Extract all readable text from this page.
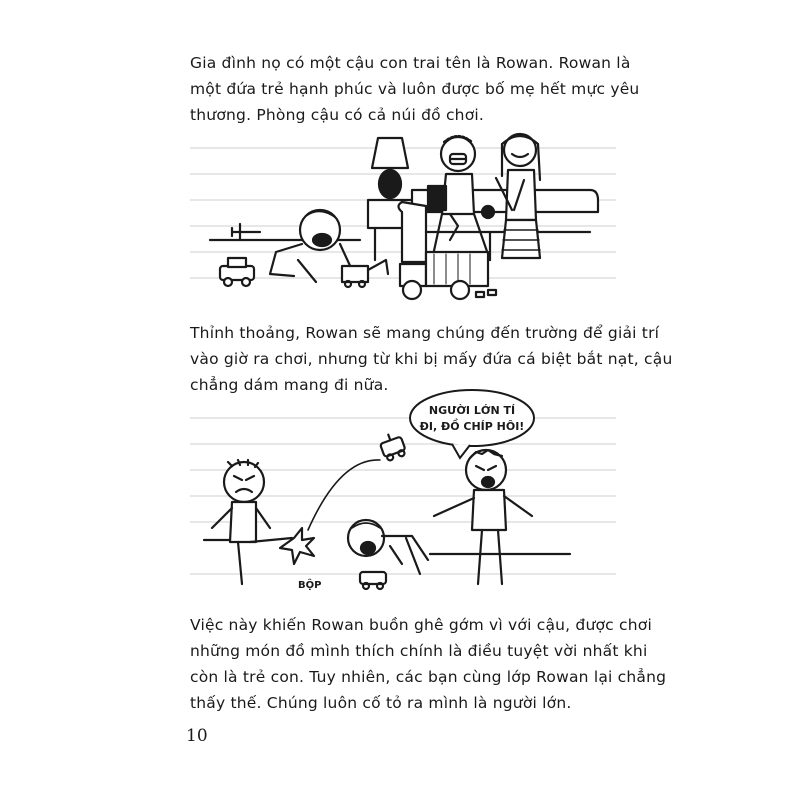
Gia đình nọ có một cậu con trai tên là Rowan. Rowan là
một đứa trẻ hạnh phúc và luôn được bố mẹ hết mực yêu
thương. Phòng cậu có cả núi đồ chơi.
Thỉnh thoảng, Rowan sẽ mang chúng đến trường để giải trí
vào giờ ra chơi, nhưng từ khi bị mấy đứa cá biệt bắt nạt, cậu
chẳng dám mang đi nữa.
NGƯỜI LỚN TÍ
ĐI, ĐỒ CHÍP HÔI!
BỘP
Việc này khiến Rowan buồn ghê gớm vì với cậu, được chơi
những món đồ mình thích chính là điều tuyệt vời nhất khi
còn là trẻ con. Tuy nhiên, các bạn cùng lớp Rowan lại chẳng
thấy thế. Chúng luôn cố tỏ ra mình là người lớn.
10
